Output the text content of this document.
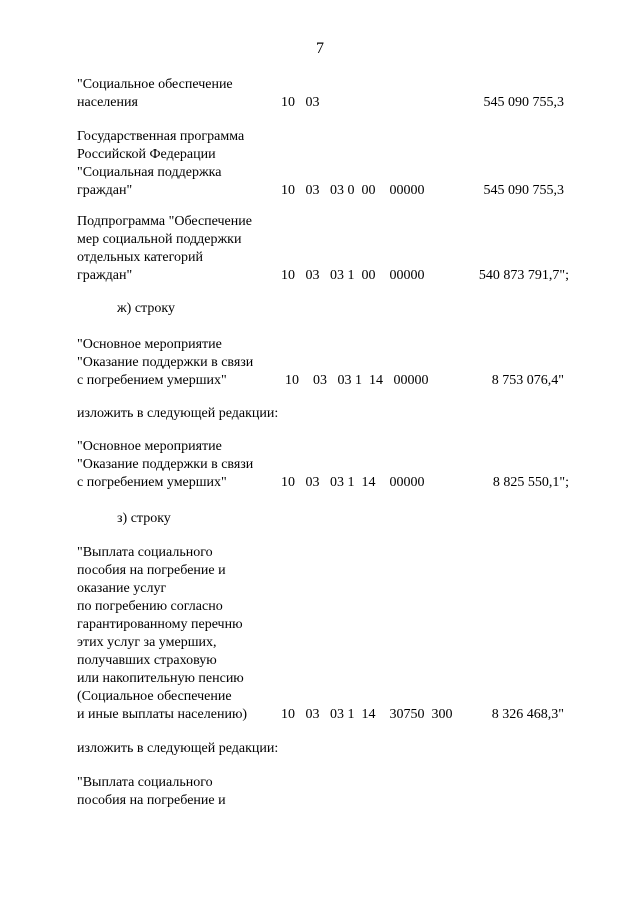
7
"Социальное обеспечение
населения	10   03	545 090 755,3
Государственная программа
Российской Федерации
"Социальная поддержка
граждан"	10   03   03 0  00    00000	545 090 755,3
Подпрограмма "Обеспечение
мер социальной поддержки
отдельных категорий
граждан"	10   03   03 1  00    00000	540 873 791,7";
ж) строку
"Основное мероприятие
"Оказание поддержки в связи
с погребением умерших"	10    03   03 1  14   00000	8 753 076,4"
изложить в следующей редакции:
"Основное мероприятие
"Оказание поддержки в связи
с погребением умерших"	10   03   03 1  14    00000	8 825 550,1";
з) строку
"Выплата социального
пособия на погребение и
оказание услуг
по погребению согласно
гарантированному перечню
этих услуг за умерших,
получавших страховую
или накопительную пенсию
(Социальное обеспечение
и иные выплаты населению) 10   03   03 1  14    30750  300	8 326 468,3"
изложить в следующей редакции:
"Выплата социального
пособия на погребение и
